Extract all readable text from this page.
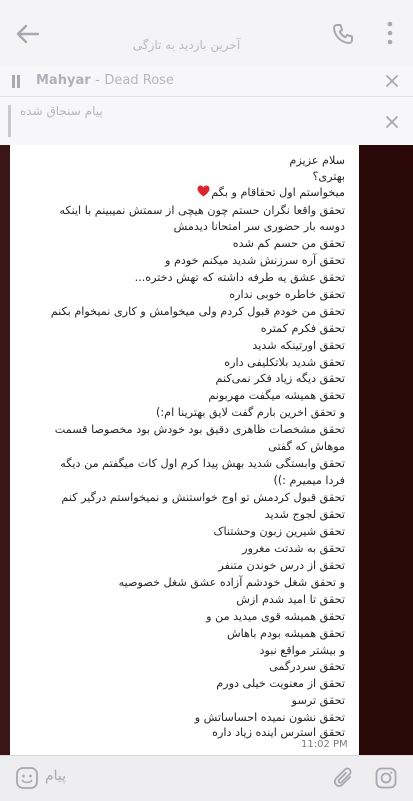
آخرین بازدید به تازگی
Mahyar - Dead Rose
پیام سنجاق شده
سلام عزیزم
بهتری؟
میخواستم اول تحقاقام و بگم
تحقق واقعا نگران حستم چون هیچی از سمتش نمیبینم با اینکه
دوسه بار حضوری سر امتحانا دیدمش
تحقق من حسم کم شده
تحقق آره سرزنش شدید میکنم خودم و
تحقق عشق یه طرفه داشته که تهش دختره...
تحقق خاطره خوبی نداره
تحقق من خودم قبول کردم ولی میخوامش و کاری نمیخوام بکنم
تحقق فکرم کمتره
تحقق اورتینکه شدید
تحقق شدید بلاتکلیفی داره
تحقق دیگه زیاد فکر نمی‌کنم
تحقق همیشه میگفت مهربونم
و تحقق اخرین بارم گفت لایق بهترینا ام:)
تحقق مشخصات ظاهری دقیق بود خودش بود مخصوصا قسمت
موهاش که گفتی
تحقق وابستگی شدید بهش پیدا کرم اول کات میگفتم من دیگه
فردا میمیرم :))
تحقق قبول کردمش تو اوج خواستنش و نمیخواستم درگیر کنم
تحقق لجوج شدید
تحقق شیرین زبون وحشتناک
تحقق به شدتت مغرور
تحقق از درس خوندن متنفر
و تحقق شغل خودشم آزاده عشق شغل خصوصیه
تحقق تا امید شدم ازش
تحقق همیشه قوی میدید من و
تحقق همیشه بودم باهاش
و بیشتر مواقع نبود
تحقق سردرگمی
تحقق از معنویت خیلی دورم
تحقق ترسو
تحقق نشون نمیده احساساتش و
تحقق استرس اینده زیاد داره
11:02 PM
پیام
